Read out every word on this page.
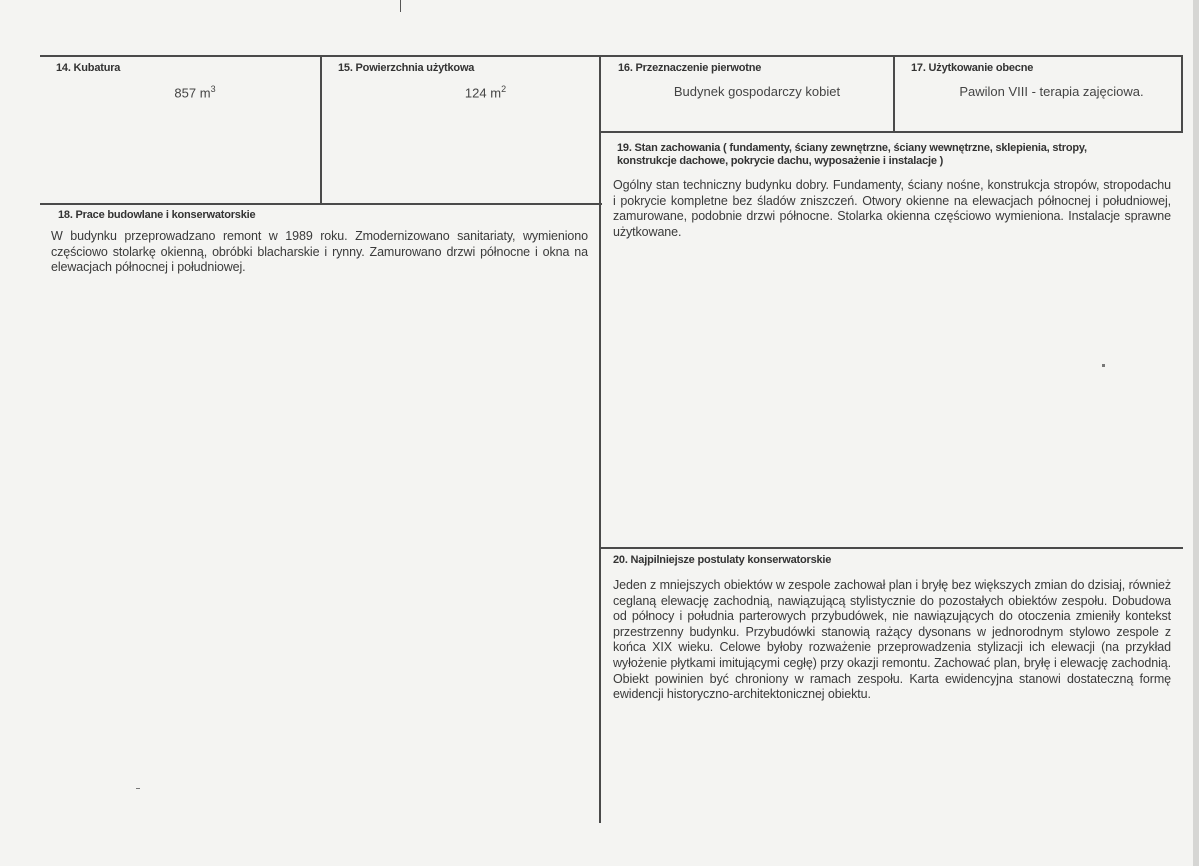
14. Kubatura
857 $m^3$
15. Powierzchnia użytkowa
124 $m^2$
16. Przeznaczenie pierwotne
Budynek gospodarczy kobiet
17. Użytkowanie obecne
Pawilon VIII - terapia zajęciowa.
18. Prace budowlane i konserwatorskie
W budynku przeprowadzano remont w 1989 roku. Zmodernizowano sanitariaty, wymieniono częściowo stolarkę okienną, obróbki blacharskie i rynny. Zamurowano drzwi północne i okna na elewacjach północnej i południowej.
19. Stan zachowania ( fundamenty, ściany zewnętrzne, ściany wewnętrzne, sklepienia, stropy, konstrukcje dachowe, pokrycie dachu, wyposażenie i instalacje )
Ogólny stan techniczny budynku dobry. Fundamenty, ściany nośne, konstrukcja stropów, stropodachu i pokrycie kompletne bez śladów zniszczeń. Otwory okienne na elewacjach północnej i południowej, zamurowane, podobnie drzwi północne. Stolarka okienna częściowo wymieniona. Instalacje sprawne użytkowane.
20. Najpilniejsze postulaty konserwatorskie
Jeden z mniejszych obiektów w zespole zachował plan i bryłę bez większych zmian do dzisiaj, również ceglaną elewację zachodnią, nawiązującą stylistycznie do pozostałych obiektów zespołu. Dobudowa od północy i południa parterowych przybudówek, nie nawiązujących do otoczenia zmieniły kontekst przestrzenny budynku. Przybudówki stanowią rażący dysonans w jednorodnym stylowo zespole z końca XIX wieku. Celowe byłoby rozważenie przeprowadzenia stylizacji ich elewacji (na przykład wyłożenie płytkami imitującymi cegłę) przy okazji remontu. Zachować plan, bryłę i elewację zachodnią. Obiekt powinien być chroniony w ramach zespołu. Karta ewidencyjna stanowi dostateczną formę ewidencji historyczno-architektonicznej obiektu.
